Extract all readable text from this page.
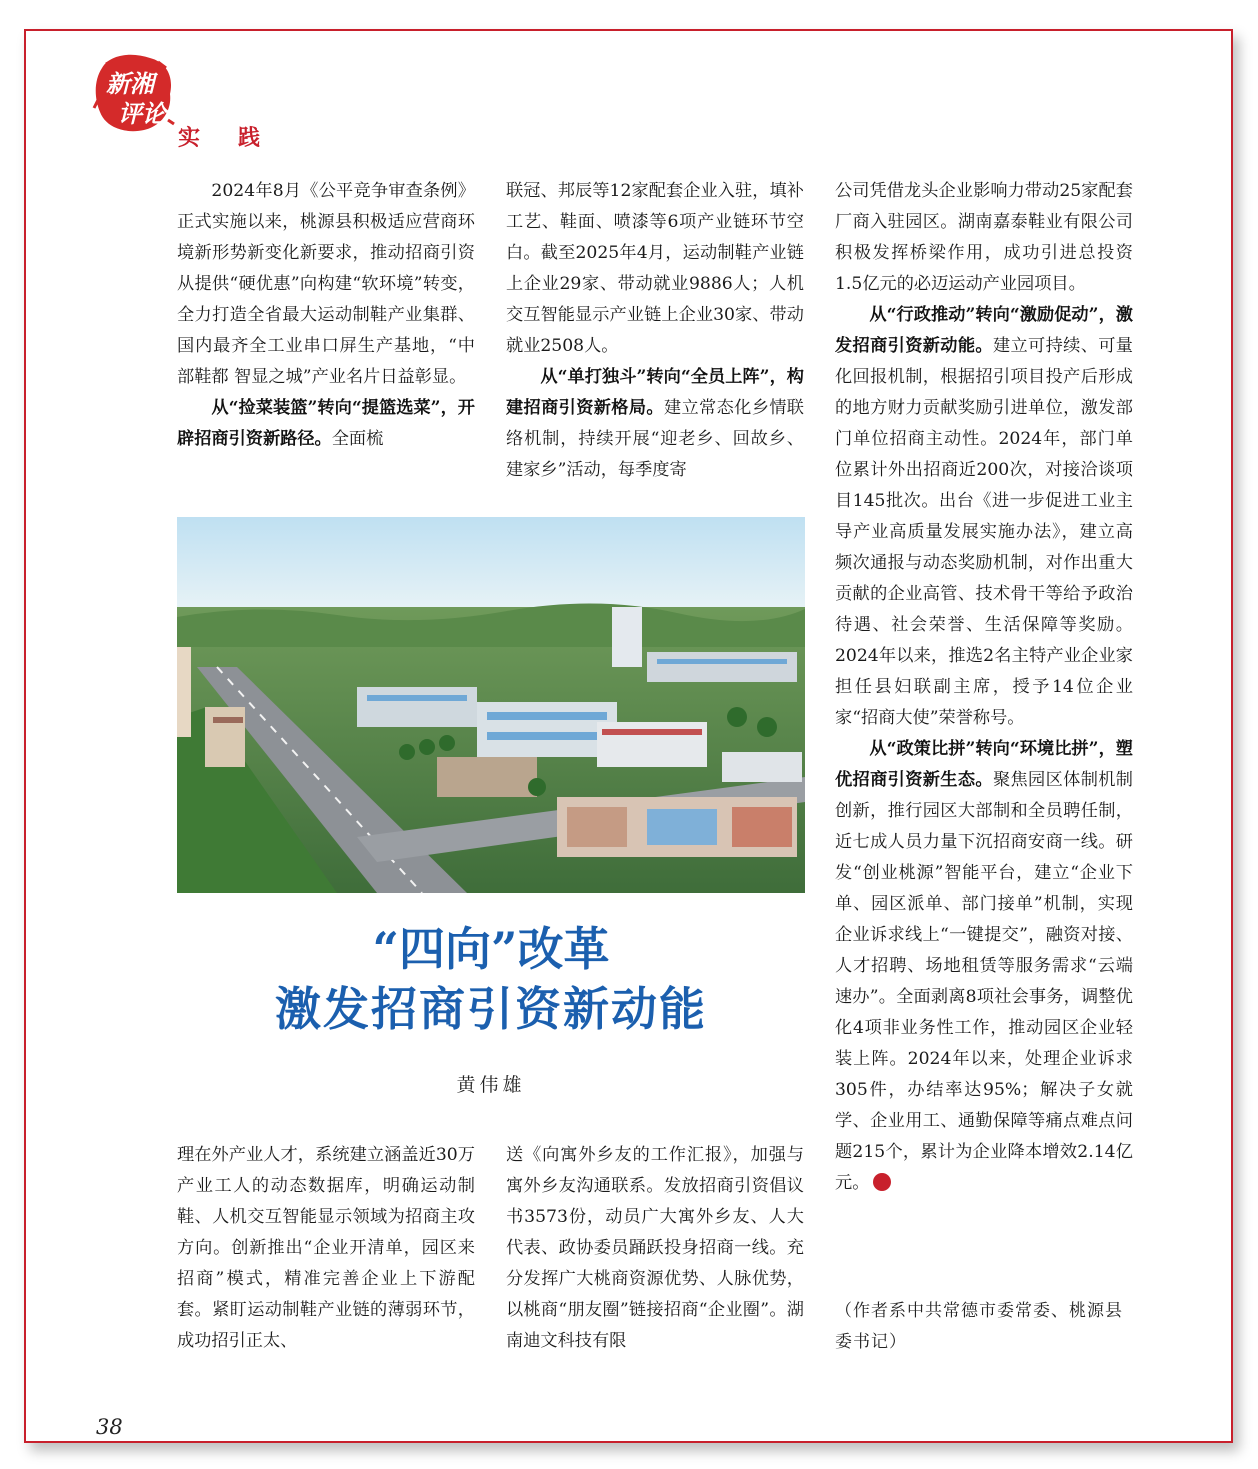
新湘
评论
实践

2024年8月《公平竞争审查条例》正式实施以来，桃源县积极适应营商环境新形势新变化新要求，推动招商引资从提供“硬优惠”向构建“软环境”转变，全力打造全省最大运动制鞋产业集群、国内最齐全工业串口屏生产基地，“中部鞋都 智显之城”产业名片日益彰显。

从“捡菜装篮”转向“提篮选菜”，开辟招商引资新路径。全面梳

联冠、邦辰等12家配套企业入驻，填补工艺、鞋面、喷漆等6项产业链环节空白。截至2025年4月，运动制鞋产业链上企业29家、带动就业9886人；人机交互智能显示产业链上企业30家、带动就业2508人。

从“单打独斗”转向“全员上阵”，构建招商引资新格局。建立常态化乡情联络机制，持续开展“迎老乡、回故乡、建家乡”活动，每季度寄

公司凭借龙头企业影响力带动25家配套厂商入驻园区。湖南嘉泰鞋业有限公司积极发挥桥梁作用，成功引进总投资1.5亿元的必迈运动产业园项目。

从“行政推动”转向“激励促动”，激发招商引资新动能。建立可持续、可量化回报机制，根据招引项目投产后形成的地方财力贡献奖励引进单位，激发部门单位招商主动性。2024年，部门单位累计外出招商近200次，对接洽谈项目145批次。出台《进一步促进工业主导产业高质量发展实施办法》，建立高频次通报与动态奖励机制，对作出重大贡献的企业高管、技术骨干等给予政治待遇、社会荣誉、生活保障等奖励。2024年以来，推选2名主特产业企业家担任县妇联副主席，授予14位企业家“招商大使”荣誉称号。

从“政策比拼”转向“环境比拼”，塑优招商引资新生态。聚焦园区体制机制创新，推行园区大部制和全员聘任制，近七成人员力量下沉招商安商一线。研发“创业桃源”智能平台，建立“企业下单、园区派单、部门接单”机制，实现企业诉求线上“一键提交”，融资对接、人才招聘、场地租赁等服务需求“云端速办”。全面剥离8项社会事务，调整优化4项非业务性工作，推动园区企业轻装上阵。2024年以来，处理企业诉求305件，办结率达95%；解决子女就学、企业用工、通勤保障等痛点难点问题215个，累计为企业降本增效2.14亿元。

“四向”改革
激发招商引资新动能
黄伟雄

理在外产业人才，系统建立涵盖近30万产业工人的动态数据库，明确运动制鞋、人机交互智能显示领域为招商主攻方向。创新推出“企业开清单，园区来招商”模式，精准完善企业上下游配套。紧盯运动制鞋产业链的薄弱环节，成功招引正太、

送《向寓外乡友的工作汇报》，加强与寓外乡友沟通联系。发放招商引资倡议书3573份，动员广大寓外乡友、人大代表、政协委员踊跃投身招商一线。充分发挥广大桃商资源优势、人脉优势，以桃商“朋友圈”链接招商“企业圈”。湖南迪文科技有限

（作者系中共常德市委常委、桃源县委书记）
38
